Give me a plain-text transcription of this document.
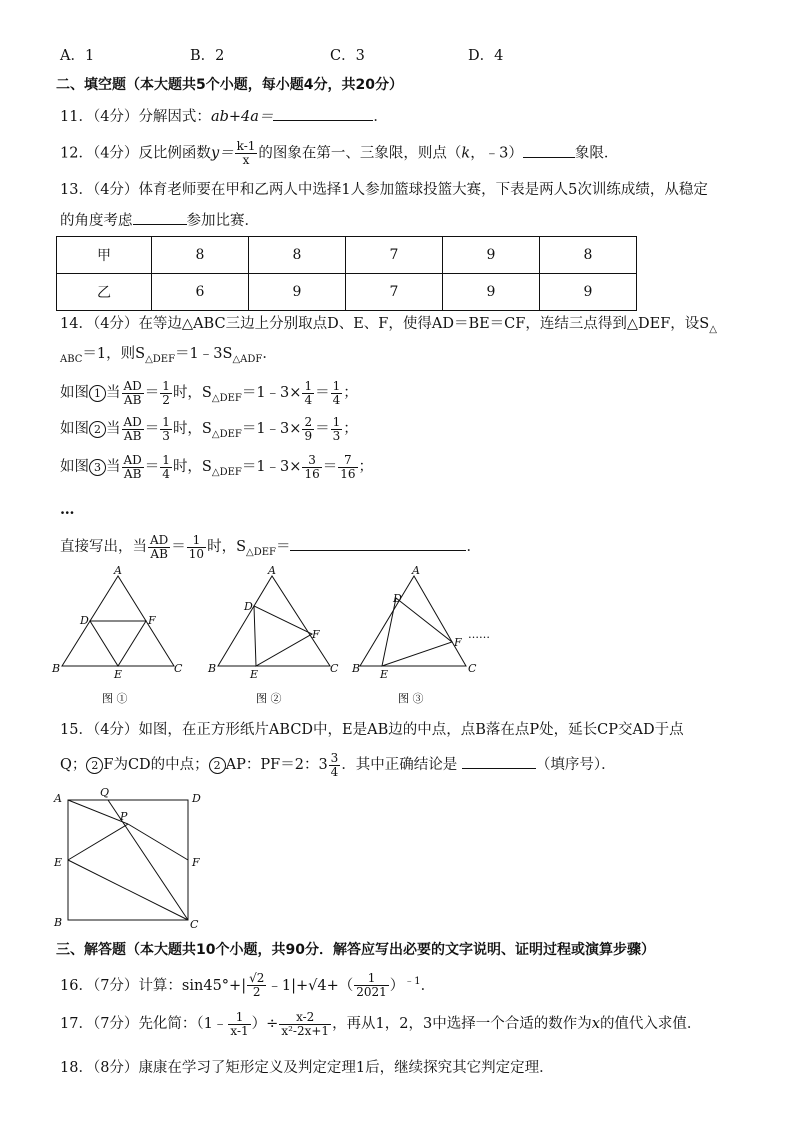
A．1	B．2	C．3	D．4
二、填空题（本大题共5个小题，每小题4分，共20分）
11．（4分）分解因式：ab+4a＝	．
12．（4分）反比例函数$y= \frac{k-1}{x}$ 的图象在第一、三象限，则点（k，﹣3）	象限．
13．（4分）体育老师要在甲和乙两人中选择1人参加篮球投篮大赛，下表是两人5次训练成绩，从稳定
的角度考虑	参加比赛．
甲	8	8	7	9	8
乙	6	9	7	9	9
14．（4分）在等边△ABC三边上分别取点D、E、F，使得AD＝BE＝CF，连结三点得到△DEF，设$S_\triangle$
$_{ABC}$＝1，则$S_{\triangle DEF}=1﹣3S_{\triangle ADF}$．
如图 1 当 $\frac{AD}{AB} = \frac{1}{2}$ 时，$S_{\triangle DEF}=1﹣3\times \frac{1}{4} = \frac{1}{4}$ ；
如图 2 当 $\frac{AD}{AB} = \frac{1}{3}$ 时，$S_{\triangle DEF}=1﹣3\times \frac{2}{9} = \frac{1}{3}$ ；
如图 3 当 $\frac{AD}{AB} = \frac{1}{4}$ 时，$S_{\triangle DEF}=1﹣3\times \frac{3}{16} = \frac{7}{16}$ ；
…
直接写出，当 $\frac{AD}{AB} = \frac{1}{10}$ 时，$S_{\triangle DEF}=$	．
A
B	C
D	F
E
A
B	C
D
F
E
A
B	C
D
F
E
……
图 ①	图 ②	图 ③
15．（4分）如图，在正方形纸片ABCD中，E是AB边的中点，点B落在点P处，延长CP交AD于点
Q； 2 F为CD的中点； 2 AP：PF＝2：$3 \frac{3}{4}$ ．其中正确结论是	（填序号）．
A	D
E	F
B	C
Q
P
三、解答题（本大题共10个小题，共90分．解答应写出必要的文字说明、证明过程或演算步骤）
16．（7分）计算：$\sin 45^\circ+| \frac{√2}{2}$ ﹣1|+√4+（ $\frac{1}{2021} )^{﹣1}$．
17．（7分）先化简：（1﹣ $\frac{1}{x-1}$ ）÷ $\frac{x-2}{\text{x²-2x+1}}$ ，再从1，2，3中选择一个合适的数作为x的值代入求值．
18．（8分）康康在学习了矩形定义及判定定理1后，继续探究其它判定定理．
